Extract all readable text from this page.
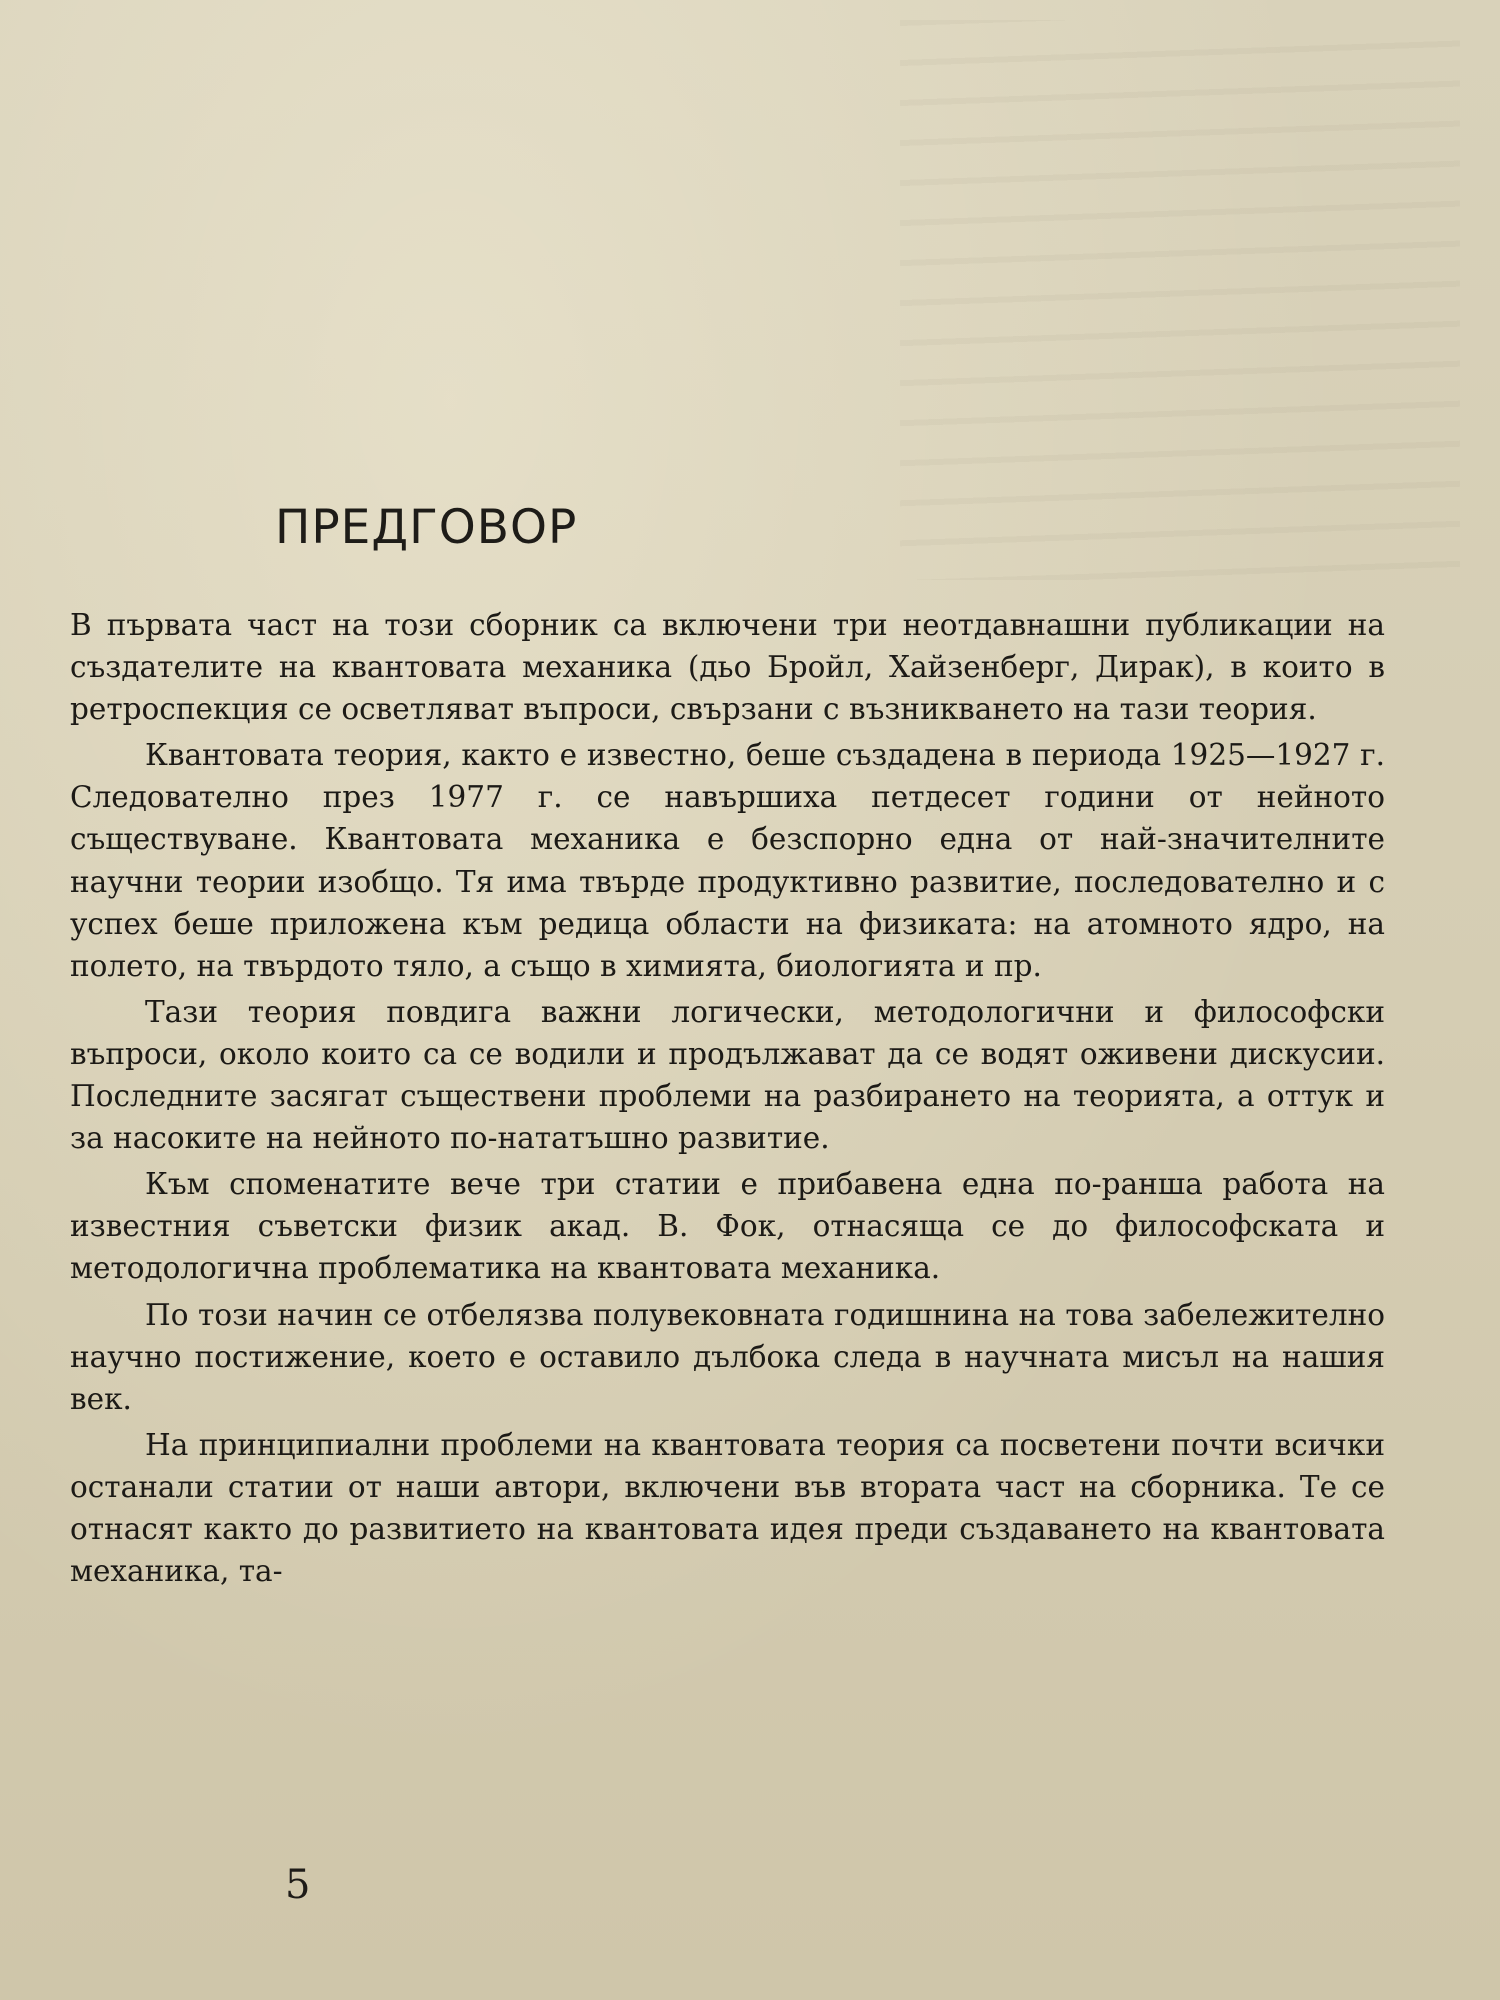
ПРЕДГОВОР

В първата част на този сборник са включени три неотдавнашни публикации на създателите на квантовата механика (дьо Бройл, Хайзенберг, Дирак), в които в ретроспекция се осветляват въпроси, свързани с възникването на тази теория.

Квантовата теория, както е известно, беше създадена в периода 1925—1927 г. Следователно през 1977 г. се навършиха петдесет години от нейното съществуване. Квантовата механика е безспорно една от най-значителните научни теории изобщо. Тя има твърде продуктивно развитие, последователно и с успех беше приложена към редица области на физиката: на атомното ядро, на полето, на твърдото тяло, а също в химията, биологията и пр.

Тази теория повдига важни логически, методологични и философски въпроси, около които са се водили и продължават да се водят оживени дискусии. Последните засягат съществени проблеми на разбирането на теорията, а оттук и за насоките на нейното по-нататъшно развитие.

Към споменатите вече три статии е прибавена една по-ранша работа на известния съветски физик акад. В. Фок, отнасяща се до философската и методологична проблематика на квантовата механика.

По този начин се отбелязва полувековната годишнина на това забележително научно постижение, което е оставило дълбока следа в научната мисъл на нашия век.

На принципиални проблеми на квантовата теория са посветени почти всички останали статии от наши автори, включени във втората част на сборника. Те се отнасят както до развитието на квантовата идея преди създаването на квантовата механика, та-

5
